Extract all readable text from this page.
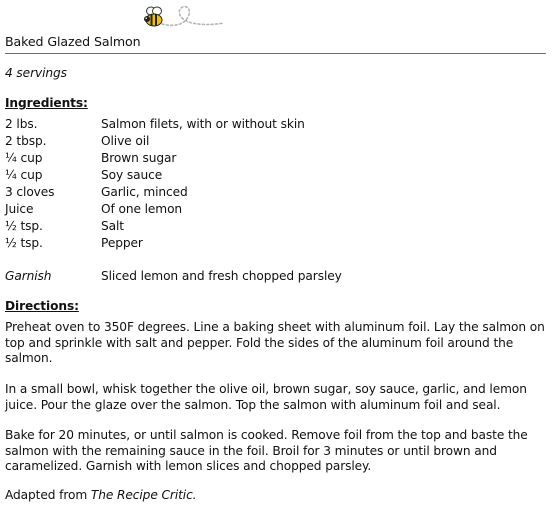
Baked Glazed Salmon
4 servings
Ingredients:
2 lbs.	Salmon filets, with or without skin
2 tbsp.	Olive oil
¼ cup	Brown sugar
¼ cup	Soy sauce
3 cloves	Garlic, minced
Juice	Of one lemon
½ tsp.	Salt
½ tsp.	Pepper
Garnish	Sliced lemon and fresh chopped parsley
Directions:

Preheat oven to 350F degrees. Line a baking sheet with aluminum foil. Lay the salmon on top and sprinkle with salt and pepper. Fold the sides of the aluminum foil around the salmon.

In a small bowl, whisk together the olive oil, brown sugar, soy sauce, garlic, and lemon juice. Pour the glaze over the salmon. Top the salmon with aluminum foil and seal.

Bake for 20 minutes, or until salmon is cooked. Remove foil from the top and baste the salmon with the remaining sauce in the foil. Broil for 3 minutes or until brown and caramelized. Garnish with lemon slices and chopped parsley.

Adapted from The Recipe Critic.
